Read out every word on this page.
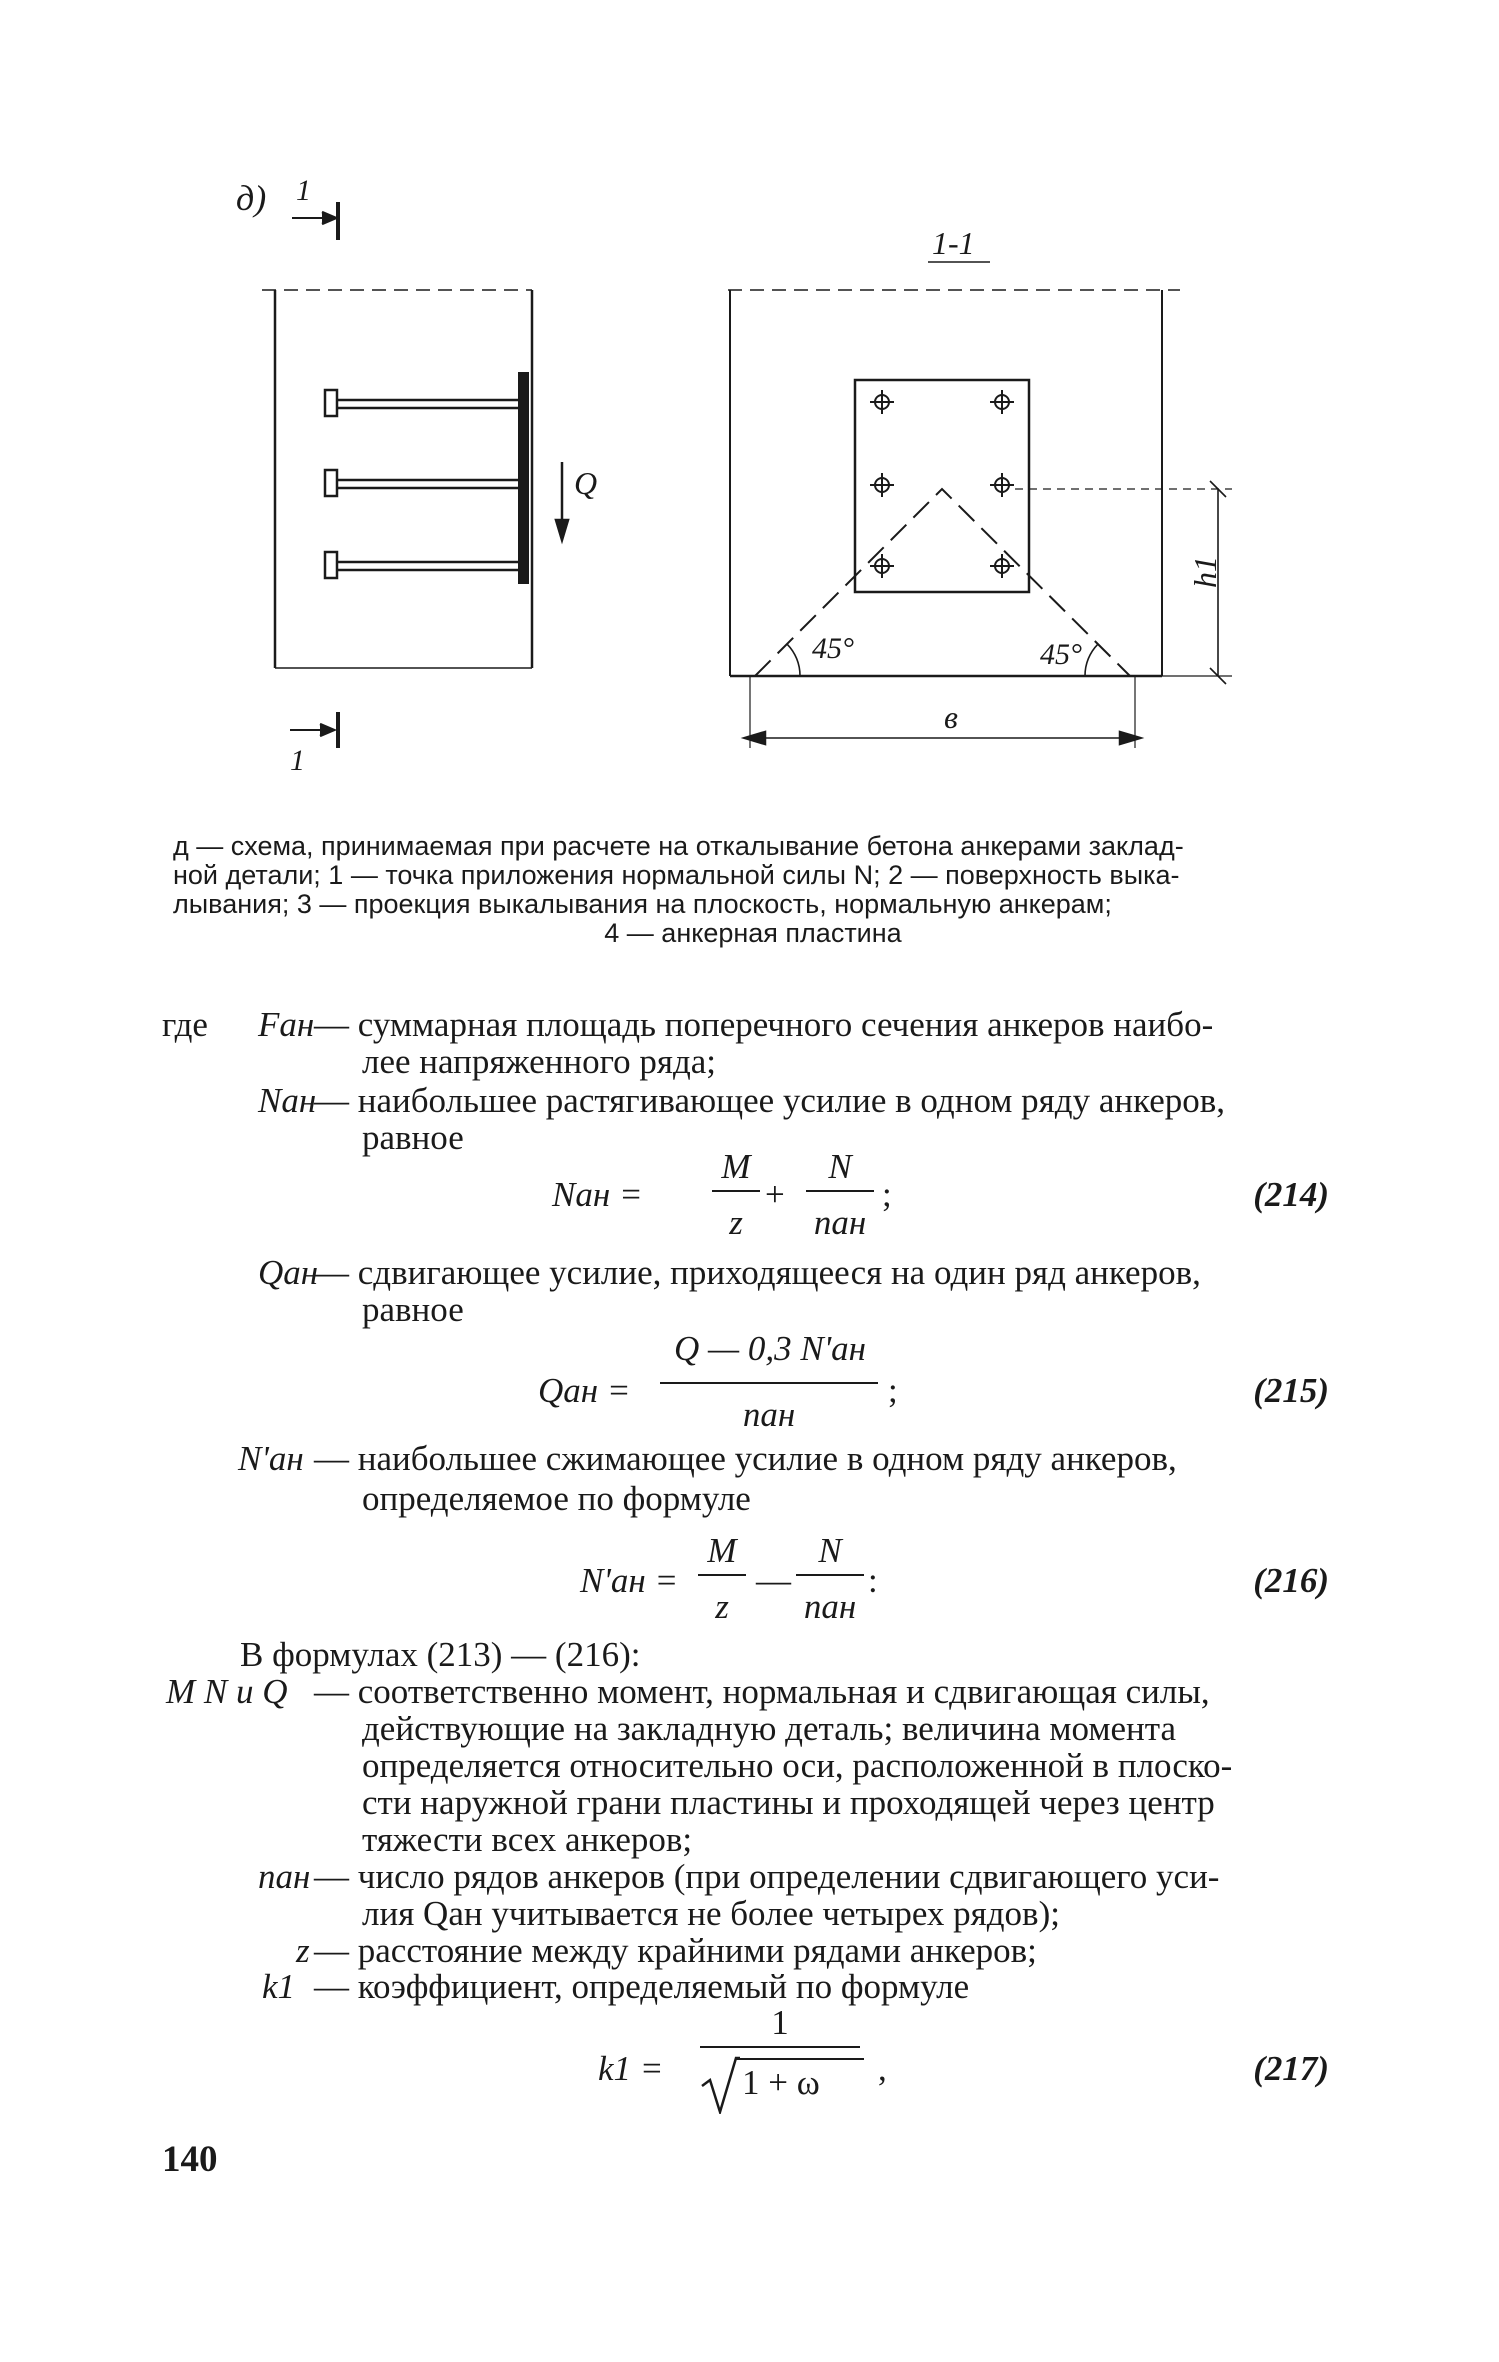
д) 1
1
1-1
Q
45°	45°
h1
в
д — схема, принимаемая при расчете на откалывание бетона анкерами заклад-
ной детали; 1 — точка приложения нормальной силы N; 2 — поверхность выка-
лывания; 3 — проекция выкалывания на плоскость, нормальную анкерам;
4 — анкерная пластина
где Fан — суммарная площадь поперечного сечения анкеров наибо-
лее напряженного ряда;
Nан
— наибольшее растягивающее усилие в одном ряду анкеров,
равное
Nан =
M
z
+
N
nан
;	(214)
Qан
— сдвигающее усилие, приходящееся на один ряд анкеров,
равное
Qан =
Q — 0,3 N'ан
nан
;	(215)
N'ан — наибольшее сжимающее усилие в одном ряду анкеров,
определяемое по формуле
N'ан =
M
z
—
N
nан
:	(216)
В формулах (213) — (216):
M N и Q — соответственно момент, нормальная и сдвигающая силы,
действующие на закладную деталь; величина момента
определяется относительно оси, расположенной в плоско-
сти наружной грани пластины и проходящей через центр
тяжести всех анкеров;
nан — число рядов анкеров (при определении сдвигающего уси-
лия Qан учитывается не более четырех рядов);
z — расстояние между крайними рядами анкеров;
k1 — коэффициент, определяемый по формуле
k1 =
1
1 + ω ,	(217)
140
